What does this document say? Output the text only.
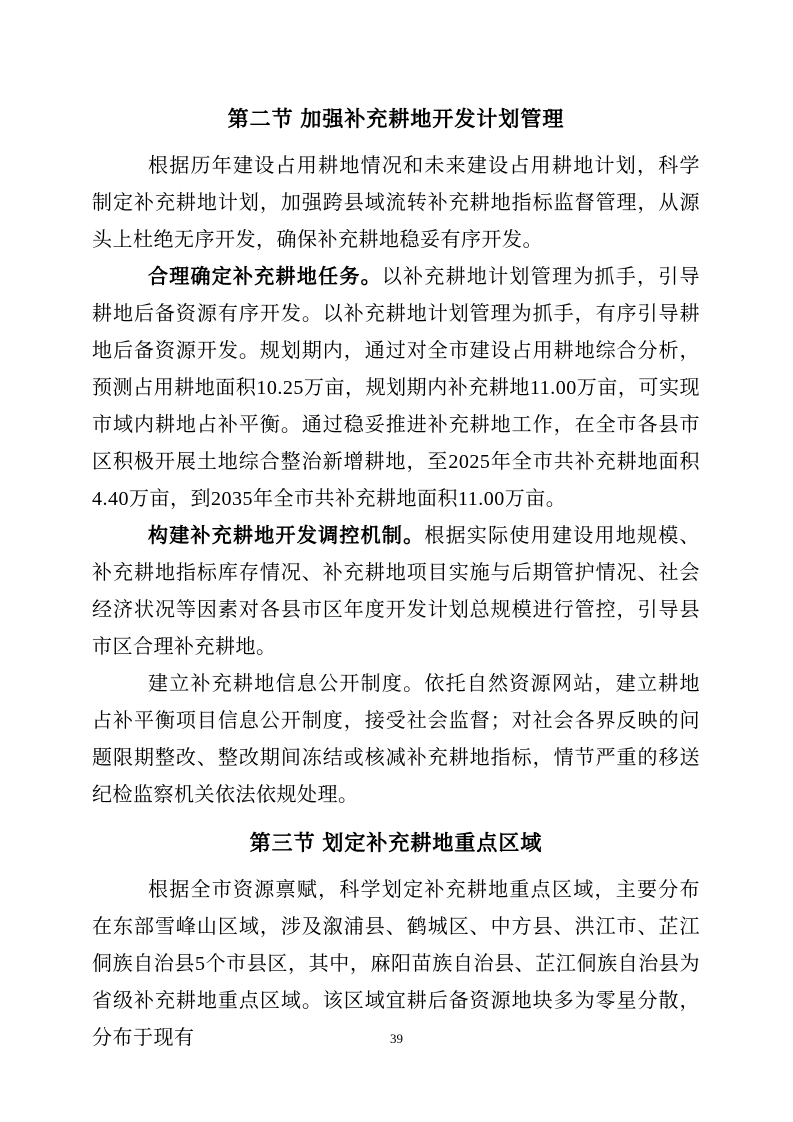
第二节 加强补充耕地开发计划管理

根据历年建设占用耕地情况和未来建设占用耕地计划，科学制定补充耕地计划，加强跨县域流转补充耕地指标监督管理，从源头上杜绝无序开发，确保补充耕地稳妥有序开发。

合理确定补充耕地任务。以补充耕地计划管理为抓手，引导耕地后备资源有序开发。以补充耕地计划管理为抓手，有序引导耕地后备资源开发。规划期内，通过对全市建设占用耕地综合分析，预测占用耕地面积10.25万亩，规划期内补充耕地11.00万亩，可实现市域内耕地占补平衡。通过稳妥推进补充耕地工作，在全市各县市区积极开展土地综合整治新增耕地，至2025年全市共补充耕地面积4.40万亩，到2035年全市共补充耕地面积11.00万亩。

构建补充耕地开发调控机制。根据实际使用建设用地规模、补充耕地指标库存情况、补充耕地项目实施与后期管护情况、社会经济状况等因素对各县市区年度开发计划总规模进行管控，引导县市区合理补充耕地。

建立补充耕地信息公开制度。依托自然资源网站，建立耕地占补平衡项目信息公开制度，接受社会监督；对社会各界反映的问题限期整改、整改期间冻结或核减补充耕地指标，情节严重的移送纪检监察机关依法依规处理。

第三节 划定补充耕地重点区域

根据全市资源禀赋，科学划定补充耕地重点区域，主要分布在东部雪峰山区域，涉及溆浦县、鹤城区、中方县、洪江市、芷江侗族自治县5个市县区，其中，麻阳苗族自治县、芷江侗族自治县为省级补充耕地重点区域。该区域宜耕后备资源地块多为零星分散，分布于现有	39
